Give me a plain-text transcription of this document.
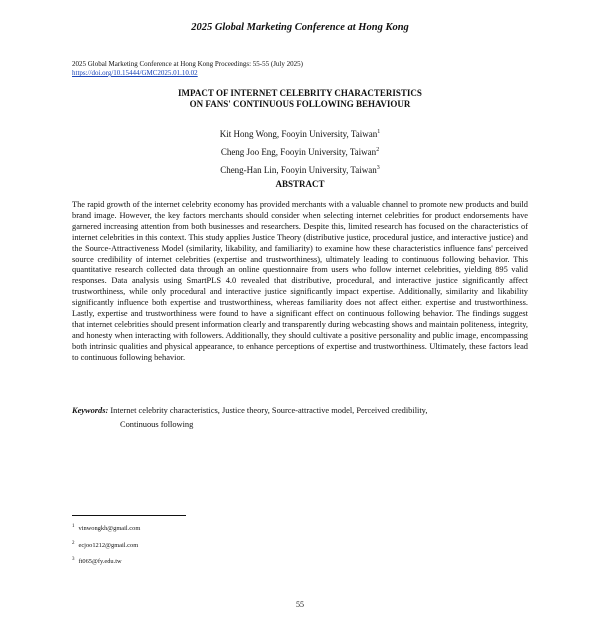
2025 Global Marketing Conference at Hong Kong
2025 Global Marketing Conference at Hong Kong Proceedings: 55-55 (July 2025)
https://doi.org/10.15444/GMC2025.01.10.02
IMPACT OF INTERNET CELEBRITY CHARACTERISTICS
ON FANS' CONTINUOUS FOLLOWING BEHAVIOUR
Kit Hong Wong, Fooyin University, Taiwan$^1$
Cheng Joo Eng, Fooyin University, Taiwan$^2$
Cheng-Han Lin, Fooyin University, Taiwan$^3$
ABSTRACT

The rapid growth of the internet celebrity economy has provided merchants with a valuable channel to promote new products and build brand image. However, the key factors merchants should consider when selecting internet celebrities for product endorsements have garnered increasing attention from both businesses and researchers. Despite this, limited research has focused on the characteristics of internet celebrities in this context. This study applies Justice Theory (distributive justice, procedural justice, and interactive justice) and the Source-Attractiveness Model (similarity, likability, and familiarity) to examine how these characteristics influence fans' perceived source credibility of internet celebrities (expertise and trustworthiness), ultimately leading to continuous following behavior. This quantitative research collected data through an online questionnaire from users who follow internet celebrities, yielding 895 valid responses. Data analysis using SmartPLS 4.0 revealed that distributive, procedural, and interactive justice significantly affect trustworthiness, while only procedural and interactive justice significantly impact expertise. Additionally, similarity and likability significantly influence both expertise and trustworthiness, whereas familiarity does not affect either. expertise and trustworthiness. Lastly, expertise and trustworthiness were found to have a significant effect on continuous following behavior. The findings suggest that internet celebrities should present information clearly and transparently during webcasting shows and maintain politeness, integrity, and honesty when interacting with followers. Additionally, they should cultivate a positive personality and public image, encompassing both intrinsic qualities and physical appearance, to enhance perceptions of expertise and trustworthiness. Ultimately, these factors lead to continuous following behavior.

Keywords: Internet celebrity characteristics, Justice theory, Source-attractive model, Perceived credibility,
Continuous following
$^1$ vinwongkh@gmail.com
$^2$ ecjoo1212@gmail.com
$^3$ ft065@fy.edu.tw
55
